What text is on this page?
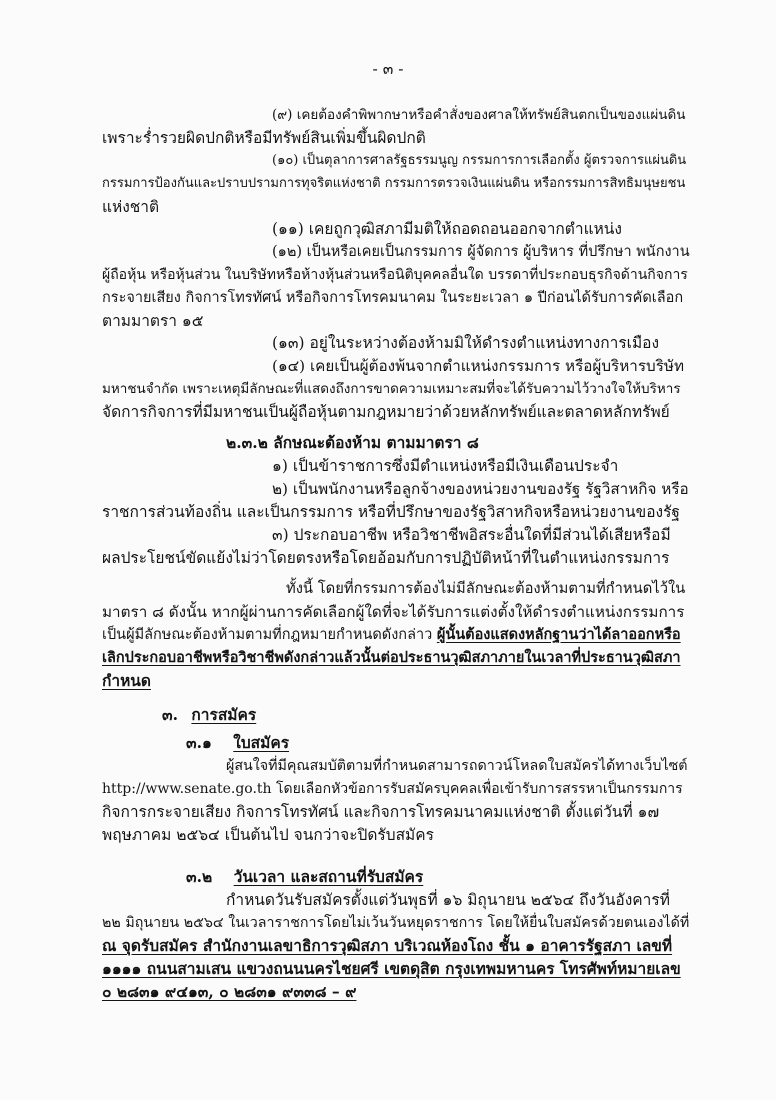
- ๓ -
(๙) เคยต้องคำพิพากษาหรือคำสั่งของศาลให้ทรัพย์สินตกเป็นของแผ่นดิน
เพราะร่ำรวยผิดปกติหรือมีทรัพย์สินเพิ่มขึ้นผิดปกติ
(๑๐) เป็นตุลาการศาลรัฐธรรมนูญ กรรมการการเลือกตั้ง ผู้ตรวจการแผ่นดิน
กรรมการป้องกันและปราบปรามการทุจริตแห่งชาติ กรรมการตรวจเงินแผ่นดิน หรือกรรมการสิทธิมนุษยชน
แห่งชาติ
(๑๑) เคยถูกวุฒิสภามีมติให้ถอดถอนออกจากตำแหน่ง
(๑๒) เป็นหรือเคยเป็นกรรมการ ผู้จัดการ ผู้บริหาร ที่ปรึกษา พนักงาน
ผู้ถือหุ้น หรือหุ้นส่วน ในบริษัทหรือห้างหุ้นส่วนหรือนิติบุคคลอื่นใด บรรดาที่ประกอบธุรกิจด้านกิจการ
กระจายเสียง กิจการโทรทัศน์ หรือกิจการโทรคมนาคม ในระยะเวลา ๑ ปีก่อนได้รับการคัดเลือก
ตามมาตรา ๑๕
(๑๓) อยู่ในระหว่างต้องห้ามมิให้ดำรงตำแหน่งทางการเมือง
(๑๔) เคยเป็นผู้ต้องพ้นจากตำแหน่งกรรมการ หรือผู้บริหารบริษัท
มหาชนจำกัด เพราะเหตุมีลักษณะที่แสดงถึงการขาดความเหมาะสมที่จะได้รับความไว้วางใจให้บริหาร
จัดการกิจการที่มีมหาชนเป็นผู้ถือหุ้นตามกฎหมายว่าด้วยหลักทรัพย์และตลาดหลักทรัพย์
๒.๓.๒ ลักษณะต้องห้าม ตามมาตรา ๘
๑) เป็นข้าราชการซึ่งมีตำแหน่งหรือมีเงินเดือนประจำ
๒) เป็นพนักงานหรือลูกจ้างของหน่วยงานของรัฐ รัฐวิสาหกิจ หรือ
ราชการส่วนท้องถิ่น และเป็นกรรมการ หรือที่ปรึกษาของรัฐวิสาหกิจหรือหน่วยงานของรัฐ
๓) ประกอบอาชีพ หรือวิชาชีพอิสระอื่นใดที่มีส่วนได้เสียหรือมี
ผลประโยชน์ขัดแย้งไม่ว่าโดยตรงหรือโดยอ้อมกับการปฏิบัติหน้าที่ในตำแหน่งกรรมการ
ทั้งนี้ โดยที่กรรมการต้องไม่มีลักษณะต้องห้ามตามที่กำหนดไว้ใน
มาตรา ๘ ดังนั้น หากผู้ผ่านการคัดเลือกผู้ใดที่จะได้รับการแต่งตั้งให้ดำรงตำแหน่งกรรมการ
เป็นผู้มีลักษณะต้องห้ามตามที่กฎหมายกำหนดดังกล่าว ผู้นั้นต้องแสดงหลักฐานว่าได้ลาออกหรือ
เลิกประกอบอาชีพหรือวิชาชีพดังกล่าวแล้วนั้นต่อประธานวุฒิสภาภายในเวลาที่ประธานวุฒิสภา
กำหนด
๓. การสมัคร
๓.๑ ใบสมัคร
ผู้สนใจที่มีคุณสมบัติตามที่กำหนดสามารถดาวน์โหลดใบสมัครได้ทางเว็บไซต์
http://www.senate.go.th โดยเลือกหัวข้อการรับสมัครบุคคลเพื่อเข้ารับการสรรหาเป็นกรรมการ
กิจการกระจายเสียง กิจการโทรทัศน์ และกิจการโทรคมนาคมแห่งชาติ ตั้งแต่วันที่ ๑๗
พฤษภาคม ๒๕๖๔ เป็นต้นไป จนกว่าจะปิดรับสมัคร
๓.๒ วันเวลา และสถานที่รับสมัคร
กำหนดวันรับสมัครตั้งแต่วันพุธที่ ๑๖ มิถุนายน ๒๕๖๔ ถึงวันอังคารที่
๒๒ มิถุนายน ๒๕๖๔ ในเวลาราชการโดยไม่เว้นวันหยุดราชการ โดยให้ยื่นใบสมัครด้วยตนเองได้ที่
ณ จุดรับสมัคร สำนักงานเลขาธิการวุฒิสภา บริเวณห้องโถง ชั้น ๑ อาคารรัฐสภา เลขที่
๑๑๑๑ ถนนสามเสน แขวงถนนนครไชยศรี เขตดุสิต กรุงเทพมหานคร โทรศัพท์หมายเลข
๐ ๒๘๓๑ ๙๔๑๓, ๐ ๒๘๓๑ ๙๓๓๘ – ๙
